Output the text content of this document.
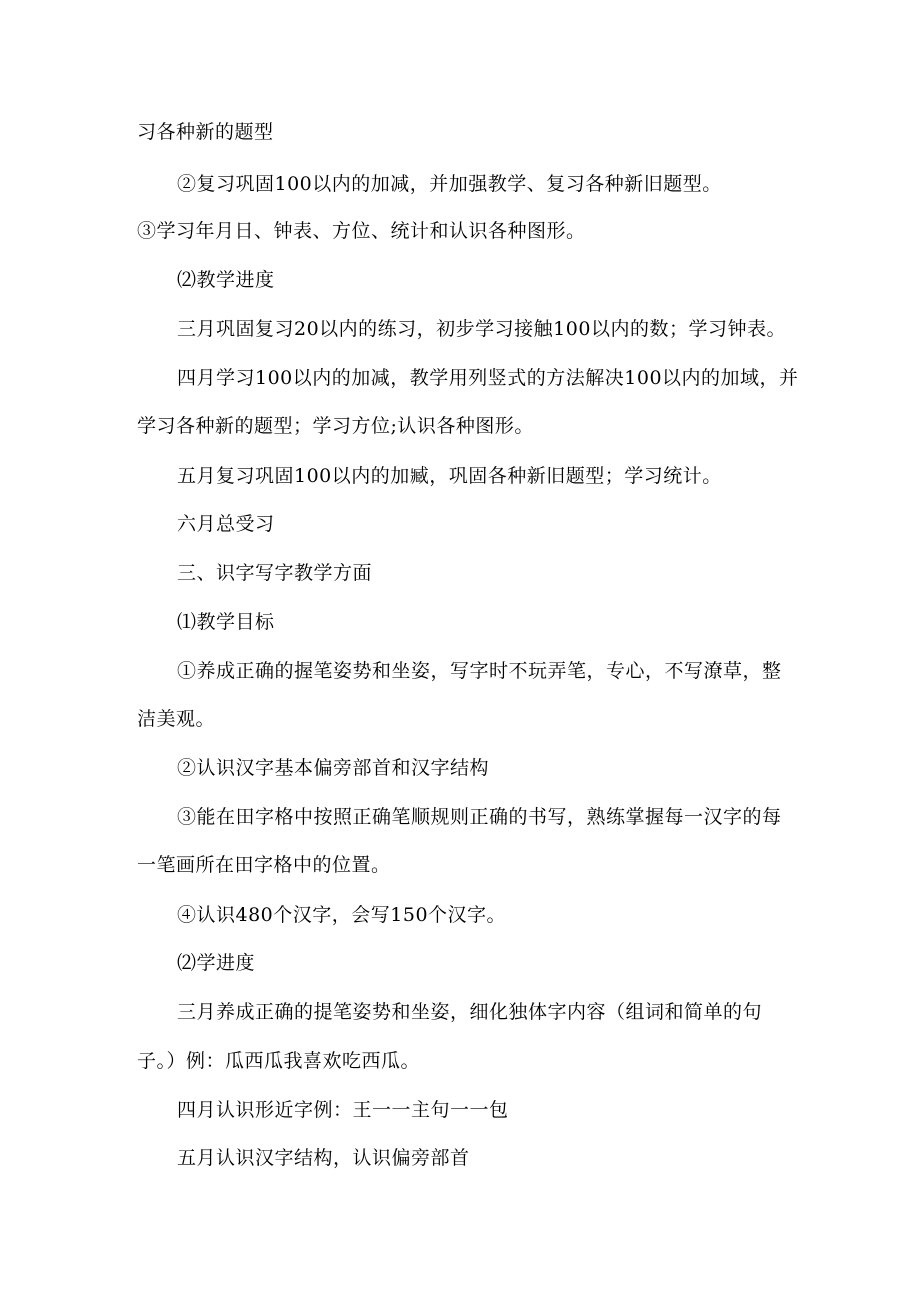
习各种新的题型
②复习巩固100以内的加减，并加强教学、复习各种新旧题型。
③学习年月日、钟表、方位、统计和认识各种图形。
⑵教学进度
三月巩固复习20以内的练习，初步学习接触100以内的数；学习钟表。
四月学习100以内的加减，教学用列竖式的方法解决100以内的加域，并
学习各种新的题型；学习方位;认识各种图形。
五月复习巩固100以内的加臧，巩固各种新旧题型；学习统计。
六月总受习
三、识字写字教学方面
⑴教学目标
①养成正确的握笔姿势和坐姿，写字时不玩弄笔，专心，不写潦草，整
洁美观。
②认识汉字基本偏旁部首和汉字结构
③能在田字格中按照正确笔顺规则正确的书写，熟练掌握每一汉字的每
一笔画所在田字格中的位置。
④认识480个汉字，会写150个汉字。
⑵学进度
三月养成正确的提笔姿势和坐姿，细化独体字内容（组词和简单的句
子。）例：瓜西瓜我喜欢吃西瓜。
四月认识形近字例：王一一主句一一包
五月认识汉字结构，认识偏旁部首
